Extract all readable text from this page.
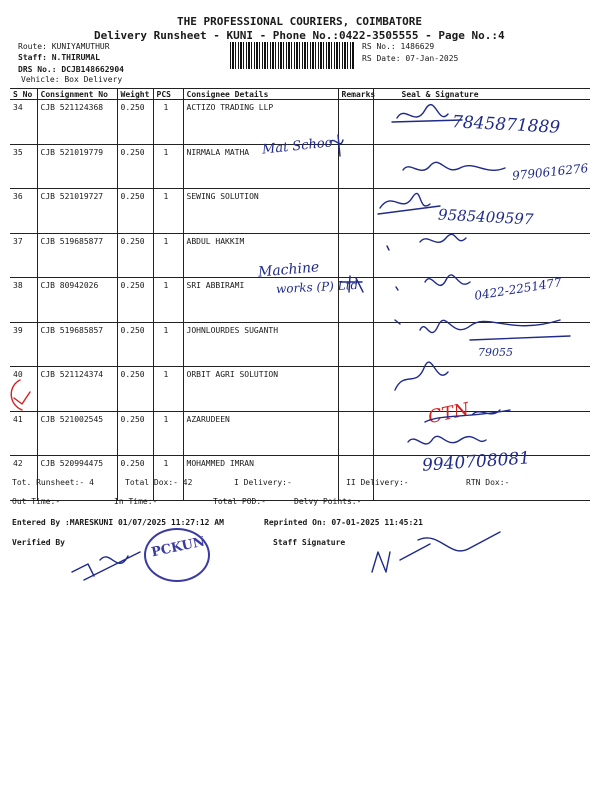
THE PROFESSIONAL COURIERS, COIMBATORE
Delivery Runsheet - KUNI - Phone No.:0422-3505555 - Page No.:4
Route: KUNIYAMUTHUR
Staff: N.THIRUMAL
DRS No.: DCJB148662904
Vehicle: Box Delivery
RS No.: 1486629
RS Date: 07-Jan-2025
S No	Consignment No	Weight	PCS	Consignee Details	Remarks	Seal & Signature
34	CJB 521124368	0.250	1	ACTIZO TRADING LLP		
35	CJB 521019779	0.250	1	NIRMALA MATHA		
36	CJB 521019727	0.250	1	SEWING SOLUTION		
37	CJB 519685877	0.250	1	ABDUL HAKKIM		
38	CJB 80942026	0.250	1	SRI ABBIRAMI		
39	CJB 519685857	0.250	1	JOHNLOURDES SUGANTH		
40	CJB 521124374	0.250	1	ORBIT AGRI SOLUTION		
41	CJB 521002545	0.250	1	AZARUDEEN		
42	CJB 520994475	0.250	1	MOHAMMED IMRAN		
7845871889
Mat Schoo
9790616276
9585409597
Machine
works (P) Ltd	0422-2251477
79055
CTN
9940708081
PCKUN
Tot. Runsheet:- 4	Total Dox:- 42	I Delivery:-	II Delivery:-	RTN Dox:-
Out Time:-	In Time:-	Total POD:-	Delvy Points:-
Entered By :MARESKUNI 01/07/2025 11:27:12 AM	Reprinted On: 07-01-2025 11:45:21
Verified By	Staff Signature
